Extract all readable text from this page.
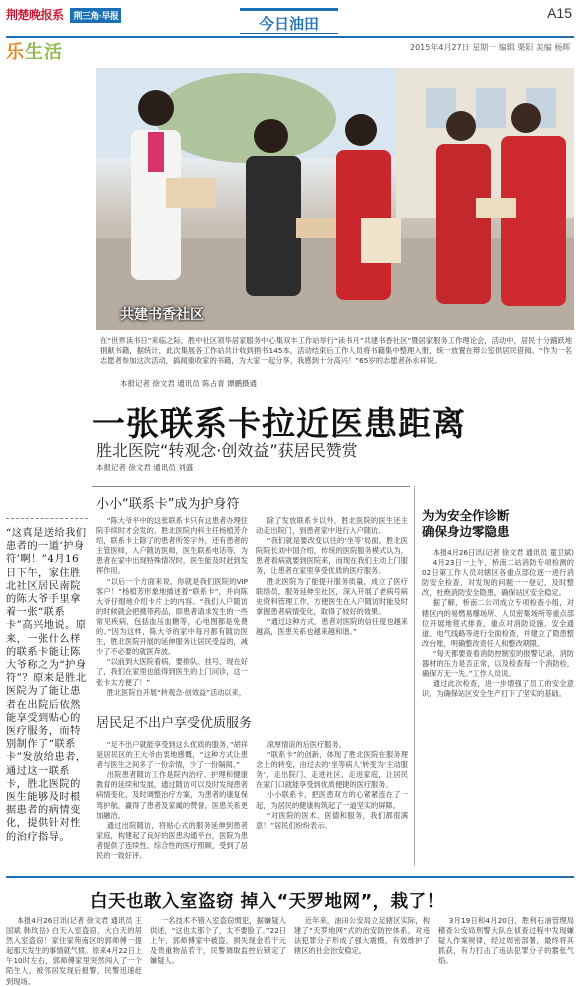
荆楚晚报系 荆三角·早报	今日油田
A15
2015年4月27日 星期一 编辑 栗阳 美编 杨辉
乐生活
共建书香社区
在“世界读书日”来临之际，胜中社区领华居家服务中心集双丰工作站举行“读书月”共建书香社区“暨居家服务工作理论会，活动中，居民十分踊跃地捐献书籍，据统计，此次集展各工作站共计收到捐书145本，活动结束后工作人员将书籍集中整理入册，统一放置在辩公室供居民借阅。“作为一名志愿者参加这次活动，搞闻重收家的书籍，为大家一起分享，我感到十分高兴！”65岁的志愿者孙永祥说。
本报记者 徐文君 通讯员 陈占青 谭鹏摄通
一张联系卡拉近医患距离
胜北医院“转观念·创效益”获居民赞赏
本报记者 徐文君 通讯员 刘盛
“这真是送给我们患者的一道‘护身符’啊！”4月16日下午，家住胜北社区居民南院的陈大爷手里拿着一张“联系卡”高兴地说。原来，一张什么样的联系卡能让陈大爷称之为“护身符”？原来是胜北医院为了能让患者在出院后依然能享受到贴心的医疗服务，而特别制作了“联系卡”发放给患者，通过这一联系卡，胜北医院的医生能够及时根据患者的病情变化，提供针对性的治疗指导。
小小“联系卡”成为护身符

“陈大爷平中的这张联系卡只有这患者办理住院手续时才会发的，胜北医院内科主任杨植芳介绍，联系卡上除了的患者所签字外，还有患者的主管医师，入户随访医师，医生联系电话等，为患者在家中出现特殊情况时，医生能及时赶到发挥作用。

“以后一个方面来说，你就是我们医院的VIP客户！”杨植芳形象地描述着“联系卡”，并向陈大爷仔细地介绍卡片上的内容。“我们入户随访的时候就会把携带药品，即患者请求发生的一些常见疾病，包括血压血糖等，心电图都是免费的。”因为这样，陈大爷的家中每月都有随访医生，胜北医院开展的延伸服务让居民受益的，减少了不必要的就医奔波。

“以前到大医院看病，要排队、挂号，现在好了，我们在家里也能得到医生的上门问诊，这一张卡太方便了！”

胜北医院自开展“转观念·创效益”活动以来，

除了发放联系卡以外，胜北医院的医生还主动走出院门，到患者家中进行入户随访。

“我们就是要改变以往的‘坐等’局面，胜北医院院长刘中国介绍，传统的医院服务模式认为，患者看病就要到医院来，而现在我们主动上门服务，让患者在家里享受优质的医疗服务。

胜北医院为了能提升服务质量，成立了医疗联络员，服务延伸至社区，深入开展了老病号病史资料管理工作，方便医生在入户随访时能及时掌握患者病情变化，取得了较好的效果。

“通过这种方式，患者对医院的信任度也越来越高，医患关系也越来越和谐。”

居民足不出户享受优质服务

“足不出户就能享受到这么优质的服务，”胡祥是居民区的王大爷由衷地感慨，“这种方式让患者与医生之间多了一份亲情，少了一份隔阂。”

出院患者随访工作是院内治疗、护理和健康教育的延续和发展，通过随访可以及时发现患者病情变化，及时调整治疗方案，为患者的康复保驾护航，赢得了患者及家属的赞誉，医患关系更加融洽。

通过出院随访，将贴心式的服务延伸到患者家庭，构建起了良好的医患沟通平台，医院为患者提供了连续性、综合性的医疗照顾，受到了居民的一致好评。

滚厚情谊的后医疗服务。

“联系卡”的创新，体现了胜北医院在服务理念上的转变，由过去的‘坐等病人’转变为‘主动服务’，走出院门、走进社区、走进家庭，让居民在家门口就能享受到优质便捷的医疗服务。

小小联系卡，把医患双方的心紧紧连在了一起，为居民的健康构筑起了一道坚实的屏障。

“对医院的医术、医德和服务，我们都很满意！”居民们纷纷表示。

为为安全作诊断
确保身边零隐患

本报4月26日讯(记者 徐文君 通讯员 童卫斌)

4月23日一上午，桥南二站消防专项检测的02日第工作人员对辖区各重点部位逐一进行消防安全检查，对发现的问题一一登记，及时整改，杜绝消防安全隐患，确保站区安全稳定。

据了解，桥南二公司成立专项检查小组，对辖区内的易燃易爆场所、人员密集场所等重点部位开展地毯式排查，重点对消防设施、安全通道、电气线路等进行全面检查，并建立了隐患整改台账，明确整改责任人和整改期限。

“每天都要查看消防控制室的报警记录，消防器材的压力是否正常，以及检查每一个消防栓，确保万无一失。”工作人员说。

通过此次检查，进一步增强了员工的安全意识，为确保站区安全生产打下了坚实的基础。

白天也敢入室盗窃 掉入“天罗地网”，栽了！
本报4月26日讯(记者 徐文君 通讯员 王国斌 韩玫岳) 白天入室盗窃，大白天的居然入室盗窃！家住家苑南区的郭师傅一提起那天发生的事情就气愤。原来4月22日上午10时左右，郭师傅家里突然闯入了一个陌生人，被邻居发现后报警，民警迅速赶到现场。
一名技术不错入室盗窃惯犯，据嫌疑人供述，“这也太那个了，太不要脸了。”22日上午，郭师傅家中被盗，损失现金若干元及贵重物品若干，民警调取监控后锁定了嫌疑人。
近年来，油田公安局立足辖区实际，构建了“天罗地网”式的治安防控体系，对违法犯罪分子形成了强大震慑，有效维护了辖区的社会治安稳定。
3月19日和4月20日，胜利石油管理局稽查公安局刑警大队在侦查过程中发现嫌疑人作案规律，经过周密部署，最终将其抓获，有力打击了违法犯罪分子的嚣张气焰。
